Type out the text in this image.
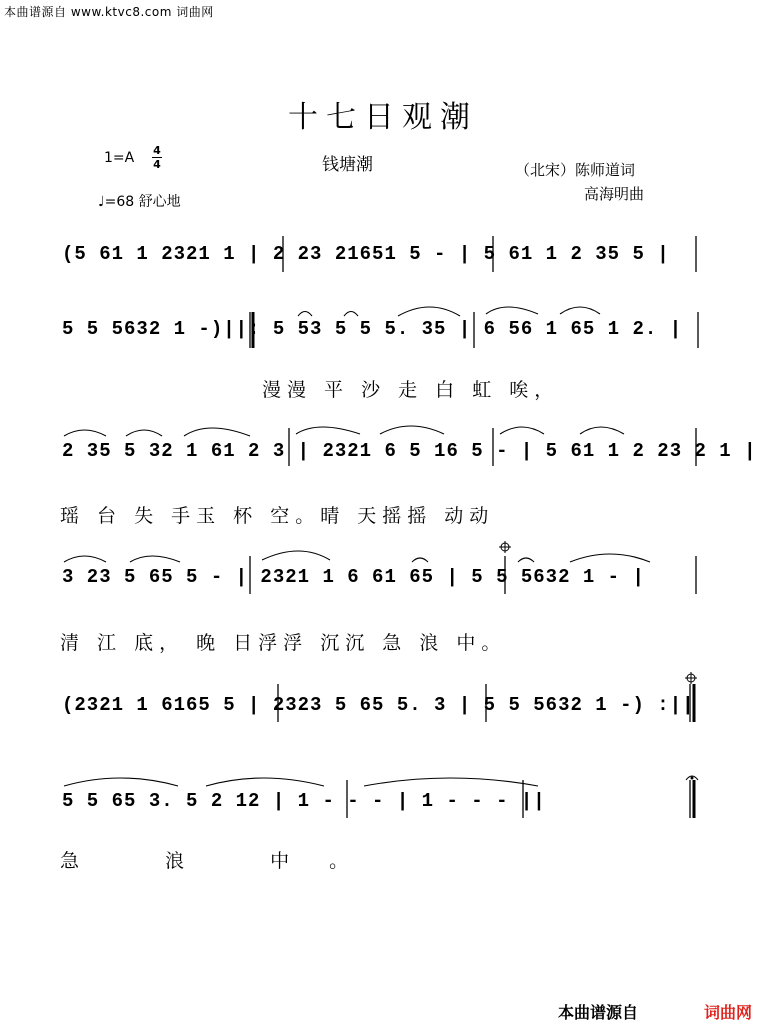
本曲谱源自 www.ktvc8.com 词曲网
十七日观潮
1=A 4
4	钱塘潮
♩=68 舒心地
（北宋）陈师道词
高海明曲
(5 61 1 2321 1 | 2 23 21651 5 - | 5 61 1 2 35 5 |
5 5 5632 1 -)||: 5 53 5 5 5. 35 | 6 56 1 65 1 2. |
漫漫 平 沙 走 白 虹 唉，
2 35 5 32 1 61 2 3 | 2321 6 5 16 5 - | 5 61 1 2 23 2 1 |
瑶 台 失 手玉 杯 空。晴 天摇摇 动动
3 23 5 65 5 - | 2321 1 6 61 65 | 5 5 5632 1 - |
清 江 底， 晚 日浮浮 沉沉 急 浪 中。
(2321 1 6165 5 | 2323 5 65 5. 3 | 5 5 5632 1 -) :||
5 5 65 3. 5 2 12 | 1 - - - | 1 - - - ||
急 浪 中。
本曲谱源自	词曲网
